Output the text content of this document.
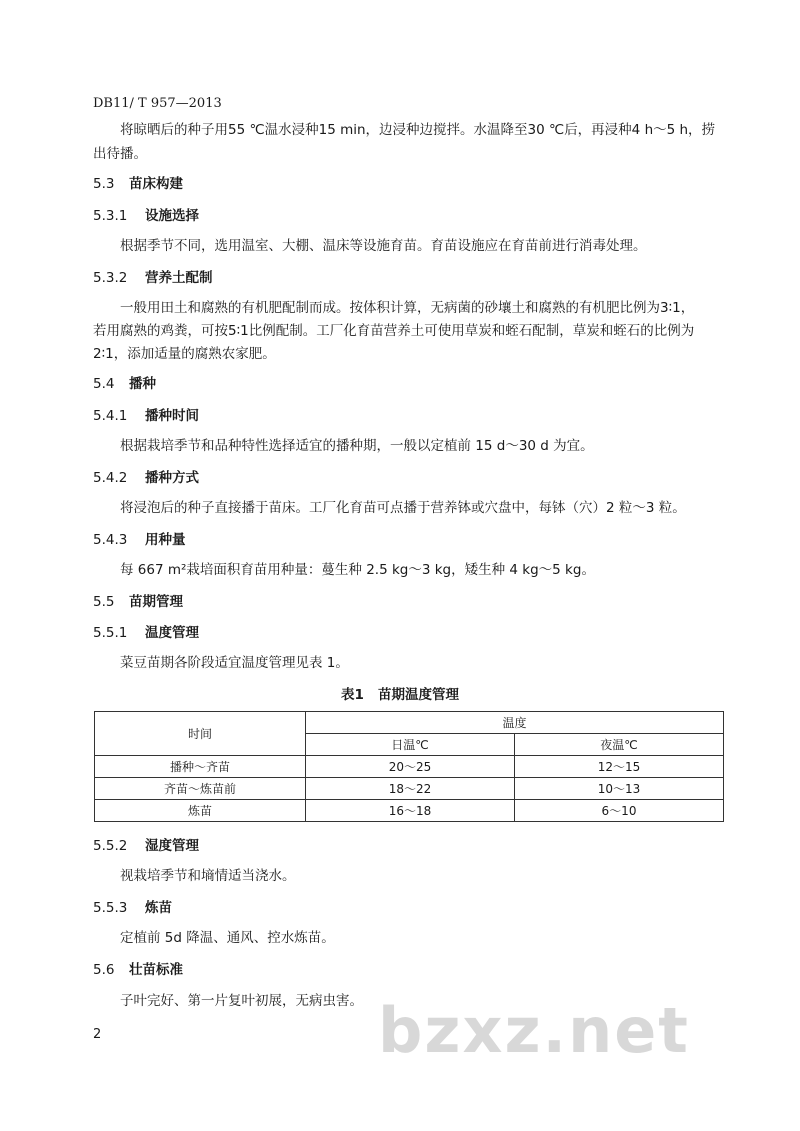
DB11/ T 957—2013
将晾晒后的种子用55 ℃温水浸种15 min，边浸种边搅拌。水温降至30 ℃后，再浸种4 h～5 h，捞
出待播。
5.3 苗床构建
5.3.1 设施选择
根据季节不同，选用温室、大棚、温床等设施育苗。育苗设施应在育苗前进行消毒处理。
5.3.2 营养土配制
一般用田土和腐熟的有机肥配制而成。按体积计算，无病菌的砂壤土和腐熟的有机肥比例为3∶1，
若用腐熟的鸡粪，可按5∶1比例配制。工厂化育苗营养土可使用草炭和蛭石配制，草炭和蛭石的比例为
2∶1，添加适量的腐熟农家肥。
5.4 播种
5.4.1 播种时间
根据栽培季节和品种特性选择适宜的播种期，一般以定植前 15 d～30 d 为宜。
5.4.2 播种方式
将浸泡后的种子直接播于苗床。工厂化育苗可点播于营养钵或穴盘中，每钵（穴）2 粒～3 粒。
5.4.3 用种量
每 667 m²栽培面积育苗用种量：蔓生种 2.5 kg～3 kg，矮生种 4 kg～5 kg。
5.5 苗期管理
5.5.1 温度管理
菜豆苗期各阶段适宜温度管理见表 1。
表1 苗期温度管理
时间	温度	
	日温℃	夜温℃
播种～齐苗	20～25	12～15
齐苗～炼苗前	18～22	10～13
炼苗	16～18	6～10
5.5.2 湿度管理
视栽培季节和墒情适当浇水。
5.5.3 炼苗
定植前 5d 降温、通风、控水炼苗。
5.6 壮苗标准
子叶完好、第一片复叶初展，无病虫害。 bzxz.net
2
